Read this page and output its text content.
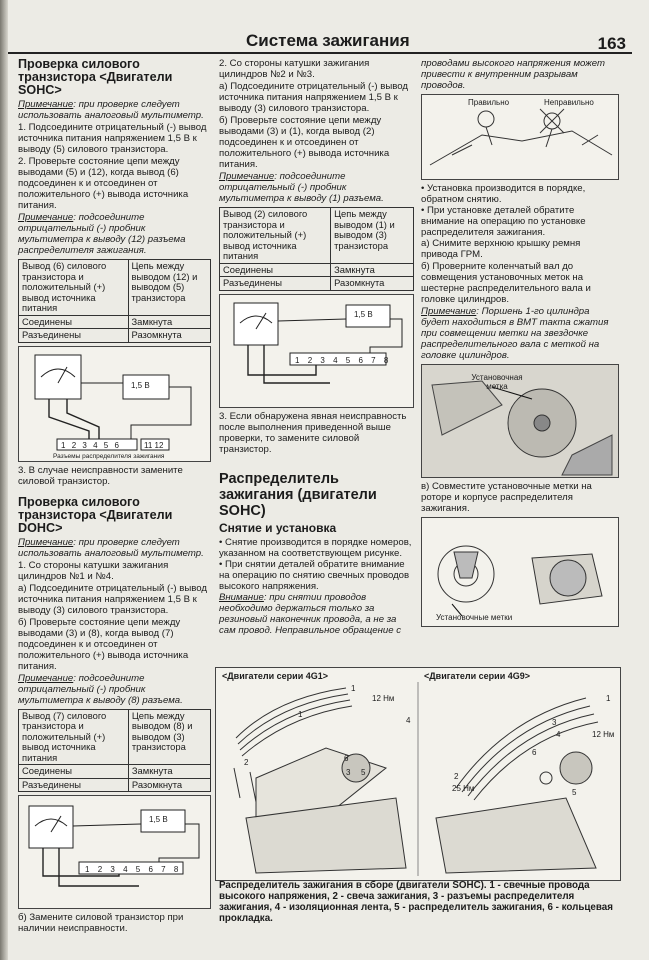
Система зажигания	163
Проверка силового транзистора <Двигатели SOHC>

Примечание: при проверке следует использовать аналоговый мультиметр.

1. Подсоедините отрицательный (-) вывод источника питания напряжением 1,5 В к выводу (5) силового транзистора.

2. Проверьте состояние цепи между выводами (5) и (12), когда вывод (6) подсоединен к и отсоединен от положительного (+) вывода источника питания.

Примечание: подсоедините отрицательный (-) пробник мультиметра к выводу (12) разъема распределителя зажигания.

Вывод (6) силового транзистора и положительный (+) вывод источника питания	Цепь между выводом (12) и выводом (5) транзистора
Соединены	Замкнута
Разъединены	Разомкнута
1,5 В
1 2 3 4 5 6	11 12
Разъемы распределителя зажигания

3. В случае неисправности замените силовой транзистор.

Проверка силового транзистора <Двигатели DOHC>

Примечание: при проверке следует использовать аналоговый мультиметр.

1. Со стороны катушки зажигания цилиндров №1 и №4.

а) Подсоедините отрицательный (-) вывод источника питания напряжением 1,5 В к выводу (3) силового транзистора.

б) Проверьте состояние цепи между выводами (3) и (8), когда вывод (7) подсоединен к и отсоединен от положительного (+) вывода источника питания.

Примечание: подсоедините отрицательный (-) пробник мультиметра к выводу (8) разъема.

Вывод (7) силового транзистора и положительный (+) вывод источника питания	Цепь между выводом (8) и выводом (3) транзистора
Соединены	Замкнута
Разъединены	Разомкнута
1,5 В
1 2 3 4 5 6 7 8

б) Замените силовой транзистор при наличии неисправности.

2. Со стороны катушки зажигания цилиндров №2 и №3.

а) Подсоедините отрицательный (-) вывод источника питания напряжением 1,5 В к выводу (3) силового транзистора.

б) Проверьте состояние цепи между выводами (3) и (1), когда вывод (2) подсоединен к и отсоединен от положительного (+) вывода источника питания.

Примечание: подсоедините отрицательный (-) пробник мультиметра к выводу (1) разъема.

Вывод (2) силового транзистора и положительный (+) вывод источника питания	Цепь между выводом (1) и выводом (3) транзистора
Соединены	Замкнута
Разъединены	Разомкнута
1,5 В
1 2 3 4 5 6 7 8

3. Если обнаружена явная неисправность после выполнения приведенной выше проверки, то замените силовой транзистор.

Распределитель зажигания (двигатели SOHC)
Снятие и установка

• Снятие производится в порядке номеров, указанном на соответствующем рисунке.

• При снятии деталей обратите внимание на операцию по снятию свечных проводов высокого напряжения.

Внимание: при снятии проводов необходимо держаться только за резиновый наконечник провода, а не за сам провод. Неправильное обращение с

проводами высокого напряжения может привести к внутренним разрывам проводов.

Правильно	Неправильно

• Установка производится в порядке, обратном снятию.

• При установке деталей обратите внимание на операцию по установке распределителя зажигания.

а) Снимите верхнюю крышку ремня привода ГРМ.

б) Проверните коленчатый вал до совмещения установочных меток на шестерне распределительного вала и головке цилиндров.

Примечание: Поршень 1-го цилиндра будет находиться в ВМТ такта сжатия при совмещении метки на звездочке распределительного вала с меткой на головке цилиндров.

Установочная метка

в) Совместите установочные метки на роторе и корпусе распределителя зажигания.

Установочные метки
<Двигатели серии 4G1>	<Двигатели серии 4G9>
1
1
2
3
4
5
6
12 Нм	1
2
3
4
5
6
12 Нм
25 Нм
Распределитель зажигания в сборе (двигатели SOHC). 1 - свечные провода высокого напряжения, 2 - свеча зажигания, 3 - разъемы распределителя зажигания, 4 - изоляционная лента, 5 - распределитель зажигания, 6 - кольцевая прокладка.
